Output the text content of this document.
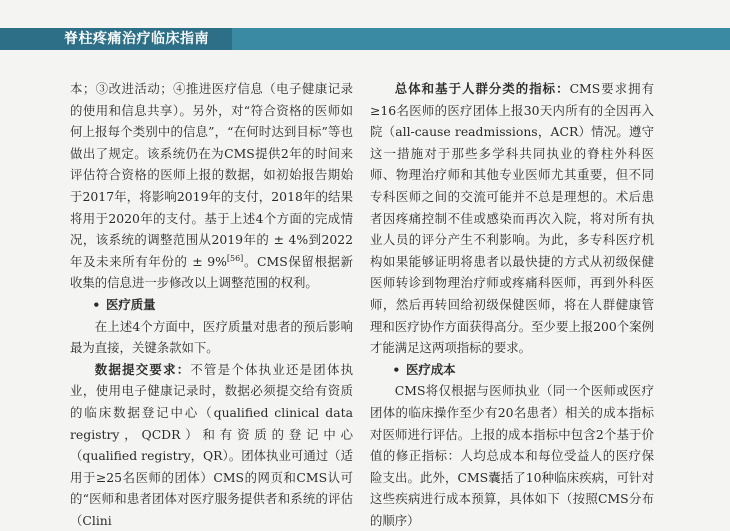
脊柱疼痛治疗临床指南

本；③改进活动；④推进医疗信息（电子健康记录的使用和信息共享）。另外，对“符合资格的医师如何上报每个类别中的信息”，“在何时达到目标”等也做出了规定。该系统仍在为CMS提供2年的时间来评估符合资格的医师上报的数据，如初始报告期始于2017年，将影响2019年的支付，2018年的结果将用于2020年的支付。基于上述4个方面的完成情况，该系统的调整范围从2019年的 ± 4%到2022年及未来所有年份的 ± 9%[56]。CMS保留根据新收集的信息进一步修改以上调整范围的权利。

• 医疗质量

在上述4个方面中，医疗质量对患者的预后影响最为直接，关键条款如下。

数据提交要求：不管是个体执业还是团体执业，使用电子健康记录时，数据必须提交给有资质的临床数据登记中心（qualified clinical data registry，QCDR）和有资质的登记中心（qualified registry，QR）。团体执业可通过（适用于≥25名医师的团体）CMS的网页和CMS认可的“医师和患者团体对医疗服务提供者和系统的评估（Clini

总体和基于人群分类的指标：CMS要求拥有≥16名医师的医疗团体上报30天内所有的全因再入院（all-cause readmissions，ACR）情况。遵守这一措施对于那些多学科共同执业的脊柱外科医师、物理治疗师和其他专业医师尤其重要，但不同专科医师之间的交流可能并不总是理想的。术后患者因疼痛控制不佳或感染而再次入院，将对所有执业人员的评分产生不利影响。为此，多专科医疗机构如果能够证明将患者以最快捷的方式从初级保健医师转诊到物理治疗师或疼痛科医师，再到外科医师，然后再转回给初级保健医师，将在人群健康管理和医疗协作方面获得高分。至少要上报200个案例才能满足这两项指标的要求。

• 医疗成本

CMS将仅根据与医师执业（同一个医师或医疗团体的临床操作至少有20名患者）相关的成本指标对医师进行评估。上报的成本指标中包含2个基于价值的修正指标：人均总成本和每位受益人的医疗保险支出。此外，CMS囊括了10种临床疾病，可针对这些疾病进行成本预算，具体如下（按照CMS分布的顺序）
